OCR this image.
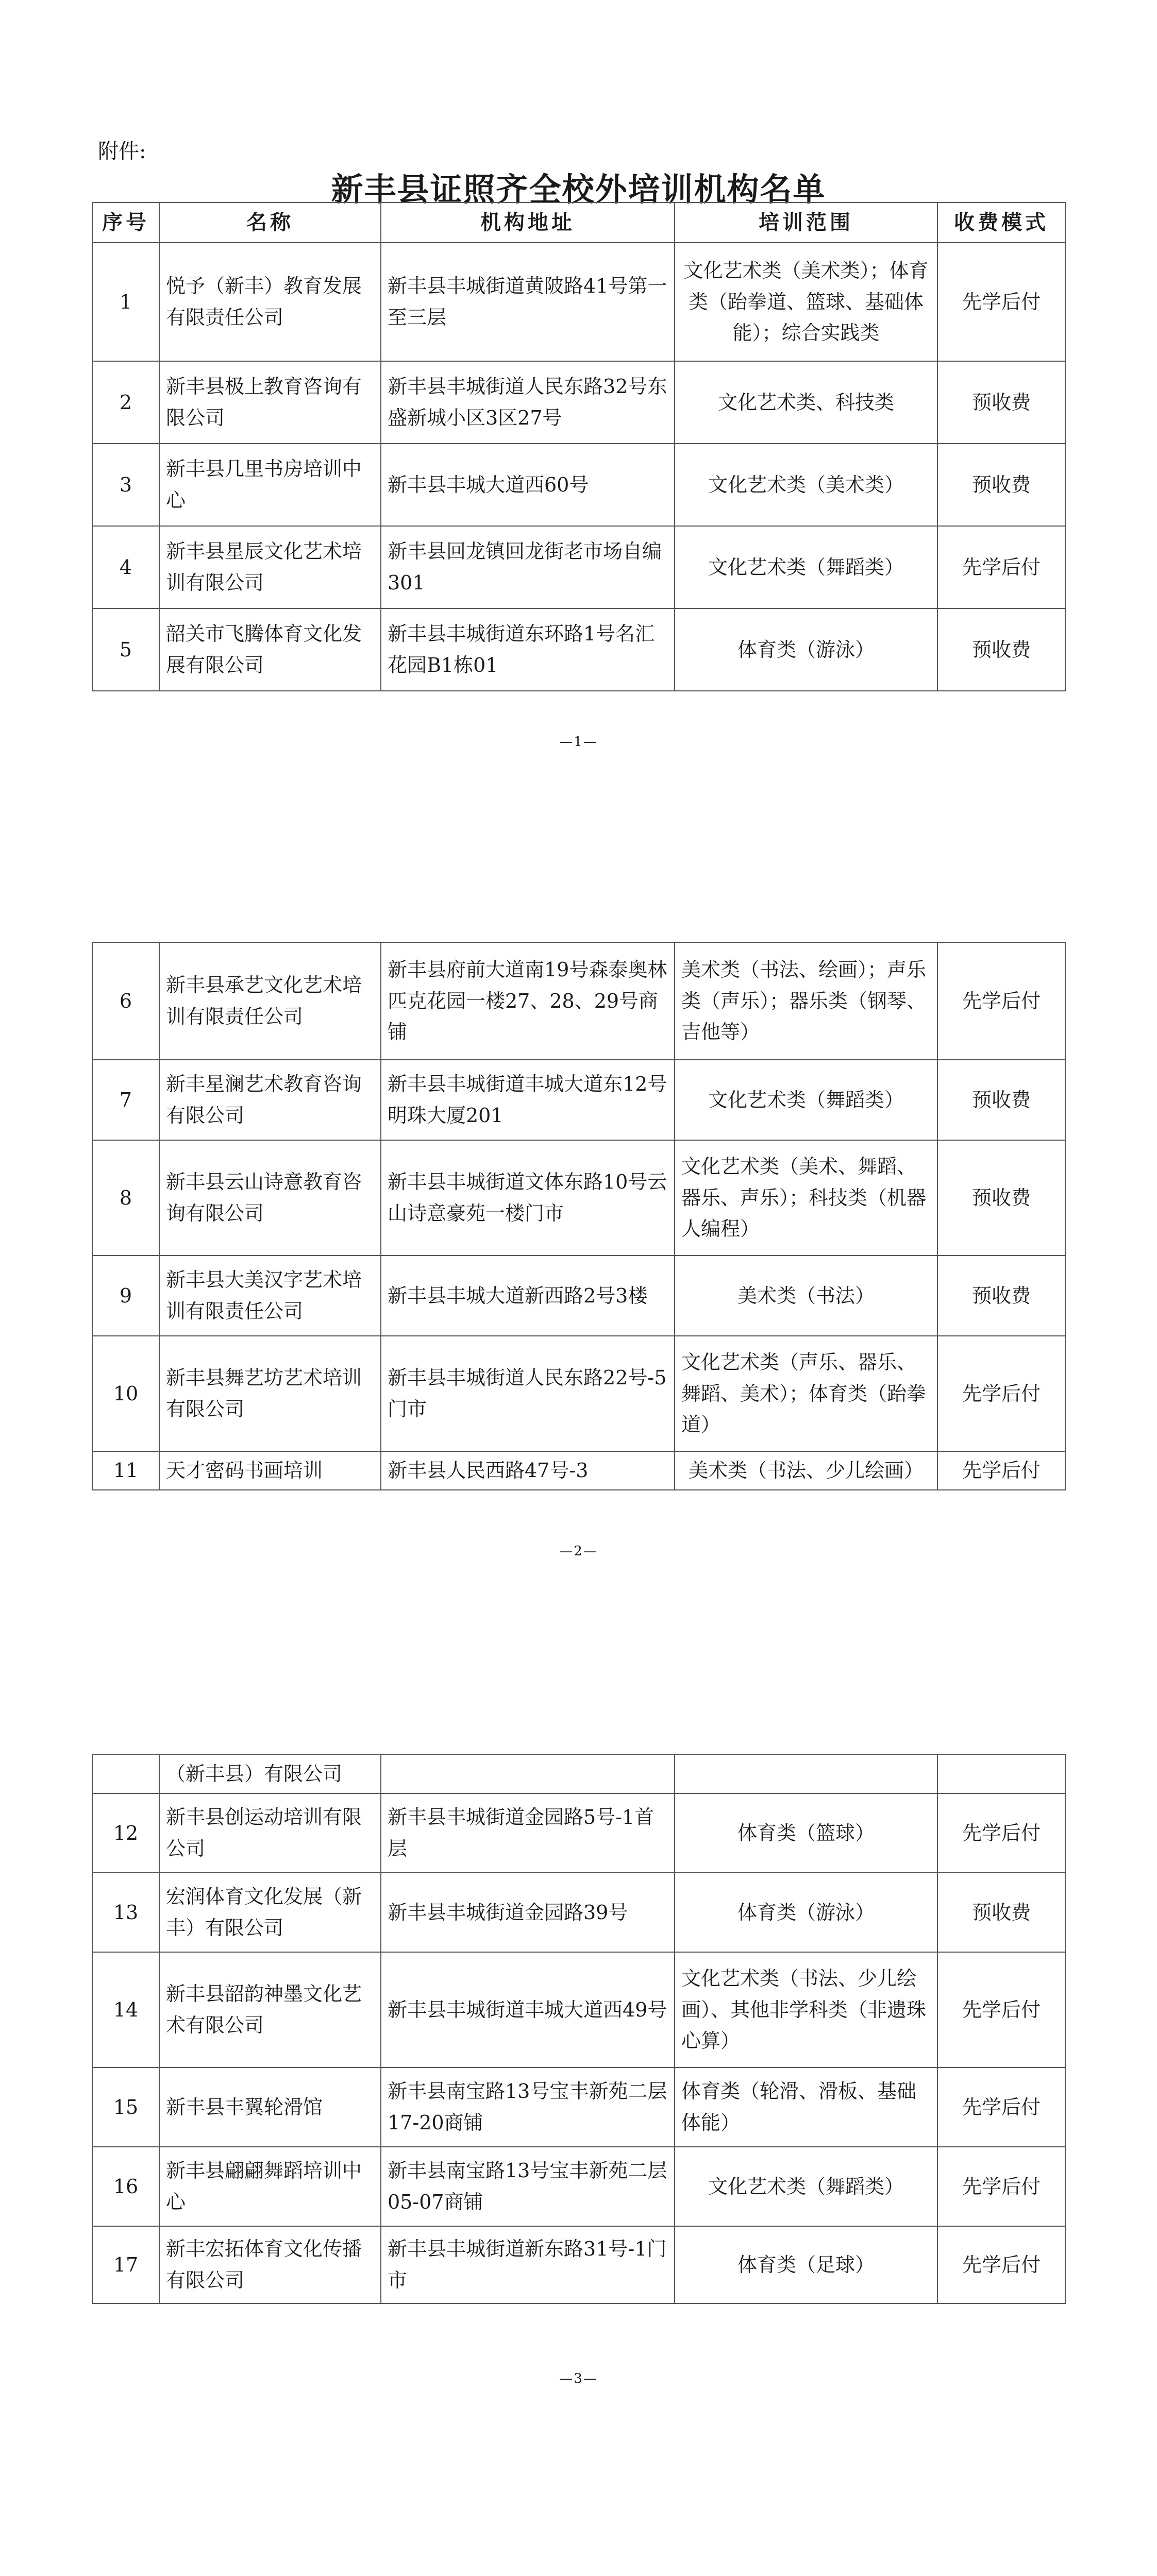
附件:
新丰县证照齐全校外培训机构名单
序号	名称	机构地址	培训范围	收费模式
1	悦予（新丰）教育发展有限责任公司	新丰县丰城街道黄陂路41号第一至三层	文化艺术类（美术类）；体育类（跆拳道、篮球、基础体能）；综合实践类	先学后付
2	新丰县极上教育咨询有限公司	新丰县丰城街道人民东路32号东盛新城小区3区27号	文化艺术类、科技类	预收费
3	新丰县几里书房培训中心	新丰县丰城大道西60号	文化艺术类（美术类）	预收费
4	新丰县星辰文化艺术培训有限公司	新丰县回龙镇回龙街老市场自编301	文化艺术类（舞蹈类）	先学后付
5	韶关市飞腾体育文化发展有限公司	新丰县丰城街道东环路1号名汇花园B1栋01	体育类（游泳）	预收费
—1—
6	新丰县承艺文化艺术培训有限责任公司	新丰县府前大道南19号森泰奥林匹克花园一楼27、28、29号商铺	美术类（书法、绘画）；声乐类（声乐）；器乐类（钢琴、吉他等）	先学后付
7	新丰星澜艺术教育咨询有限公司	新丰县丰城街道丰城大道东12号明珠大厦201	文化艺术类（舞蹈类）	预收费
8	新丰县云山诗意教育咨询有限公司	新丰县丰城街道文体东路10号云山诗意豪苑一楼门市	文化艺术类（美术、舞蹈、器乐、声乐）；科技类（机器人编程）	预收费
9	新丰县大美汉字艺术培训有限责任公司	新丰县丰城大道新西路2号3楼	美术类（书法）	预收费
10	新丰县舞艺坊艺术培训有限公司	新丰县丰城街道人民东路22号-5门市	文化艺术类（声乐、器乐、舞蹈、美术）；体育类（跆拳道）	先学后付
11	天才密码书画培训	新丰县人民西路47号-3	美术类（书法、少儿绘画）	先学后付
—2—
	（新丰县）有限公司			
12	新丰县创运动培训有限公司	新丰县丰城街道金园路5号-1首层	体育类（篮球）	先学后付
13	宏润体育文化发展（新丰）有限公司	新丰县丰城街道金园路39号	体育类（游泳）	预收费
14	新丰县韶韵神墨文化艺术有限公司	新丰县丰城街道丰城大道西49号	文化艺术类（书法、少儿绘画）、其他非学科类（非遗珠心算）	先学后付
15	新丰县丰翼轮滑馆	新丰县南宝路13号宝丰新苑二层17-20商铺	体育类（轮滑、滑板、基础体能）	先学后付
16	新丰县翩翩舞蹈培训中心	新丰县南宝路13号宝丰新苑二层05-07商铺	文化艺术类（舞蹈类）	先学后付
17	新丰宏拓体育文化传播有限公司	新丰县丰城街道新东路31号-1门市	体育类（足球）	先学后付
—3—
